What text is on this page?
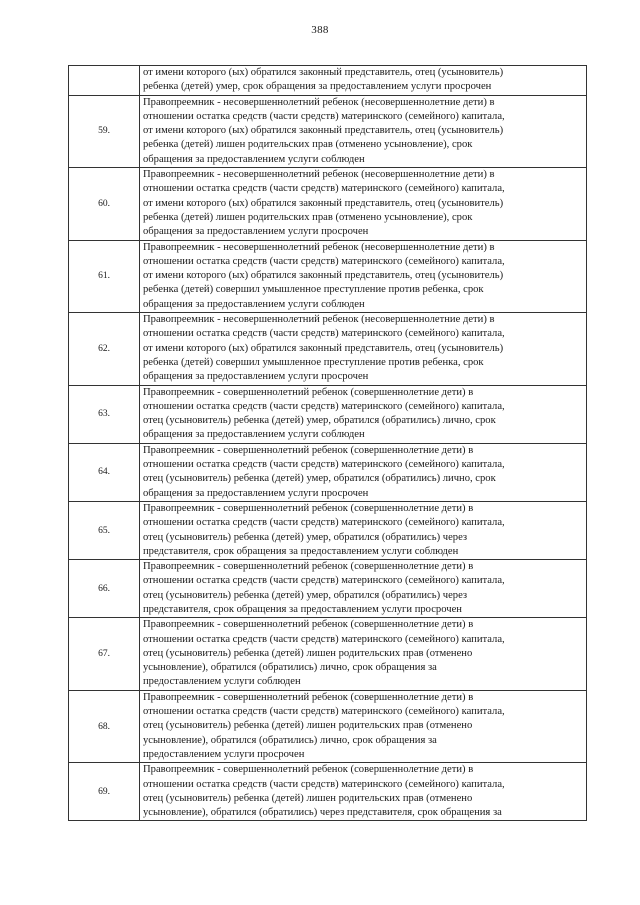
388

	от имени которого (ых) обратился законный представитель, отец (усыновитель)
ребенка (детей) умер, срок обращения за предоставлением услуги просрочен

59.	Правопреемник - несовершеннолетний ребенок (несовершеннолетние дети) в
отношении остатка средств (части средств) материнского (семейного) капитала,
от имени которого (ых) обратился законный представитель, отец (усыновитель)
ребенка (детей) лишен родительских прав (отменено усыновление), срок
обращения за предоставлением услуги соблюден

60.	Правопреемник - несовершеннолетний ребенок (несовершеннолетние дети) в
отношении остатка средств (части средств) материнского (семейного) капитала,
от имени которого (ых) обратился законный представитель, отец (усыновитель)
ребенка (детей) лишен родительских прав (отменено усыновление), срок
обращения за предоставлением услуги просрочен

61.	Правопреемник - несовершеннолетний ребенок (несовершеннолетние дети) в
отношении остатка средств (части средств) материнского (семейного) капитала,
от имени которого (ых) обратился законный представитель, отец (усыновитель)
ребенка (детей) совершил умышленное преступление против ребенка, срок
обращения за предоставлением услуги соблюден

62.	Правопреемник - несовершеннолетний ребенок (несовершеннолетние дети) в
отношении остатка средств (части средств) материнского (семейного) капитала,
от имени которого (ых) обратился законный представитель, отец (усыновитель)
ребенка (детей) совершил умышленное преступление против ребенка, срок
обращения за предоставлением услуги просрочен

63.	Правопреемник - совершеннолетний ребенок (совершеннолетние дети) в
отношении остатка средств (части средств) материнского (семейного) капитала,
отец (усыновитель) ребенка (детей) умер, обратился (обратились) лично, срок
обращения за предоставлением услуги соблюден

64.	Правопреемник - совершеннолетний ребенок (совершеннолетние дети) в
отношении остатка средств (части средств) материнского (семейного) капитала,
отец (усыновитель) ребенка (детей) умер, обратился (обратились) лично, срок
обращения за предоставлением услуги просрочен

65.	Правопреемник - совершеннолетний ребенок (совершеннолетние дети) в
отношении остатка средств (части средств) материнского (семейного) капитала,
отец (усыновитель) ребенка (детей) умер, обратился (обратились) через
представителя, срок обращения за предоставлением услуги соблюден

66.	Правопреемник - совершеннолетний ребенок (совершеннолетние дети) в
отношении остатка средств (части средств) материнского (семейного) капитала,
отец (усыновитель) ребенка (детей) умер, обратился (обратились) через
представителя, срок обращения за предоставлением услуги просрочен

67.	Правопреемник - совершеннолетний ребенок (совершеннолетние дети) в
отношении остатка средств (части средств) материнского (семейного) капитала,
отец (усыновитель) ребенка (детей) лишен родительских прав (отменено
усыновление), обратился (обратились) лично, срок обращения за
предоставлением услуги соблюден

68.	Правопреемник - совершеннолетний ребенок (совершеннолетние дети) в
отношении остатка средств (части средств) материнского (семейного) капитала,
отец (усыновитель) ребенка (детей) лишен родительских прав (отменено
усыновление), обратился (обратились) лично, срок обращения за
предоставлением услуги просрочен

69.	Правопреемник - совершеннолетний ребенок (совершеннолетние дети) в
отношении остатка средств (части средств) материнского (семейного) капитала,
отец (усыновитель) ребенка (детей) лишен родительских прав (отменено
усыновление), обратился (обратились) через представителя, срок обращения за
